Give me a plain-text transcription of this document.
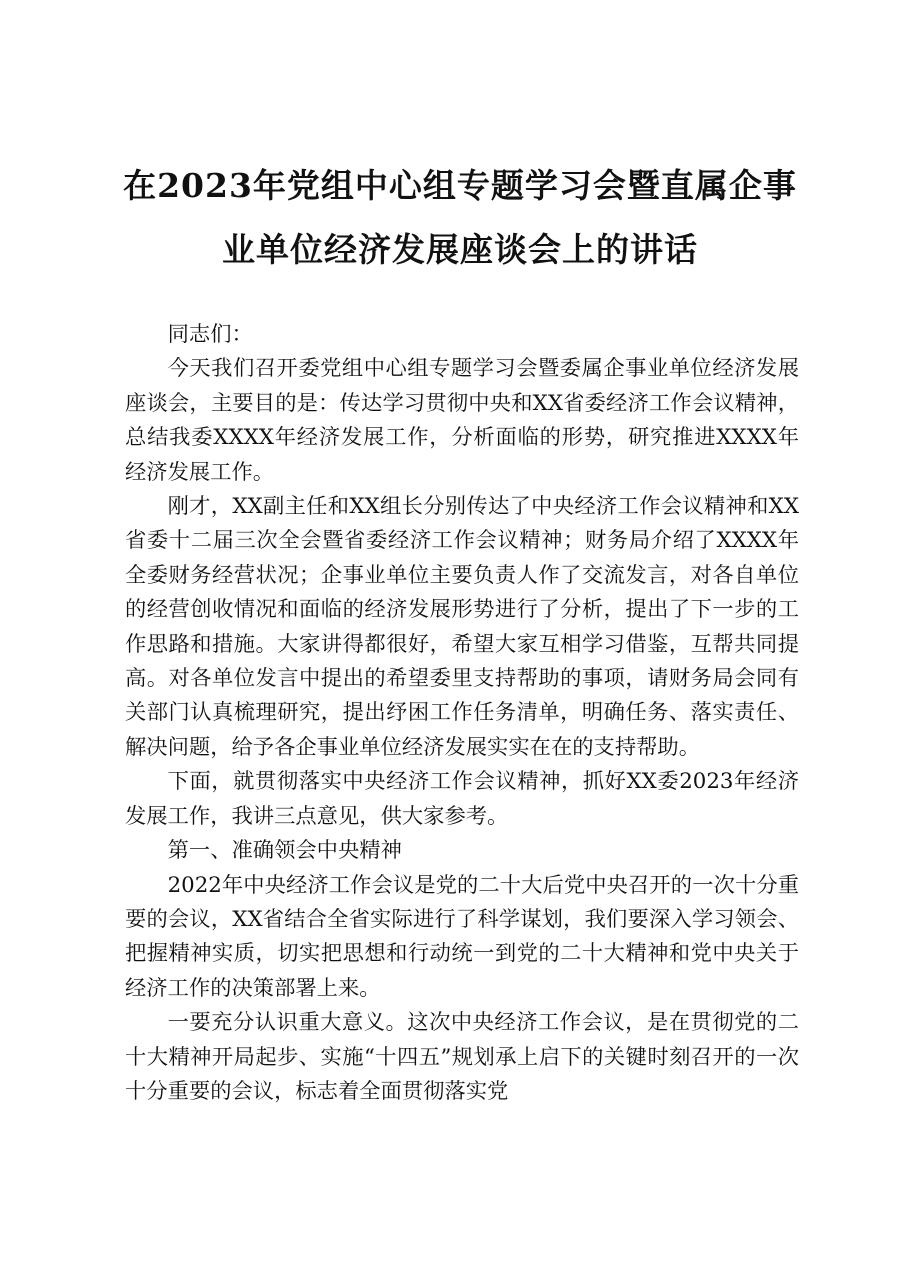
在2023年党组中心组专题学习会暨直属企事
业单位经济发展座谈会上的讲话

同志们：

今天我们召开委党组中心组专题学习会暨委属企事业单位经济发展座谈会，主要目的是：传达学习贯彻中央和XX省委经济工作会议精神，总结我委XXXX年经济发展工作，分析面临的形势，研究推进XXXX年经济发展工作。

刚才，XX副主任和XX组长分别传达了中央经济工作会议精神和XX省委十二届三次全会暨省委经济工作会议精神；财务局介绍了XXXX年全委财务经营状况；企事业单位主要负责人作了交流发言，对各自单位的经营创收情况和面临的经济发展形势进行了分析，提出了下一步的工作思路和措施。大家讲得都很好，希望大家互相学习借鉴，互帮共同提高。对各单位发言中提出的希望委里支持帮助的事项，请财务局会同有关部门认真梳理研究，提出纾困工作任务清单，明确任务、落实责任、解决问题，给予各企事业单位经济发展实实在在的支持帮助。

下面，就贯彻落实中央经济工作会议精神，抓好XX委2023年经济发展工作，我讲三点意见，供大家参考。

第一、准确领会中央精神

2022年中央经济工作会议是党的二十大后党中央召开的一次十分重要的会议，XX省结合全省实际进行了科学谋划，我们要深入学习领会、把握精神实质，切实把思想和行动统一到党的二十大精神和党中央关于经济工作的决策部署上来。

一要充分认识重大意义。这次中央经济工作会议，是在贯彻党的二十大精神开局起步、实施“十四五”规划承上启下的关键时刻召开的一次十分重要的会议，标志着全面贯彻落实党
